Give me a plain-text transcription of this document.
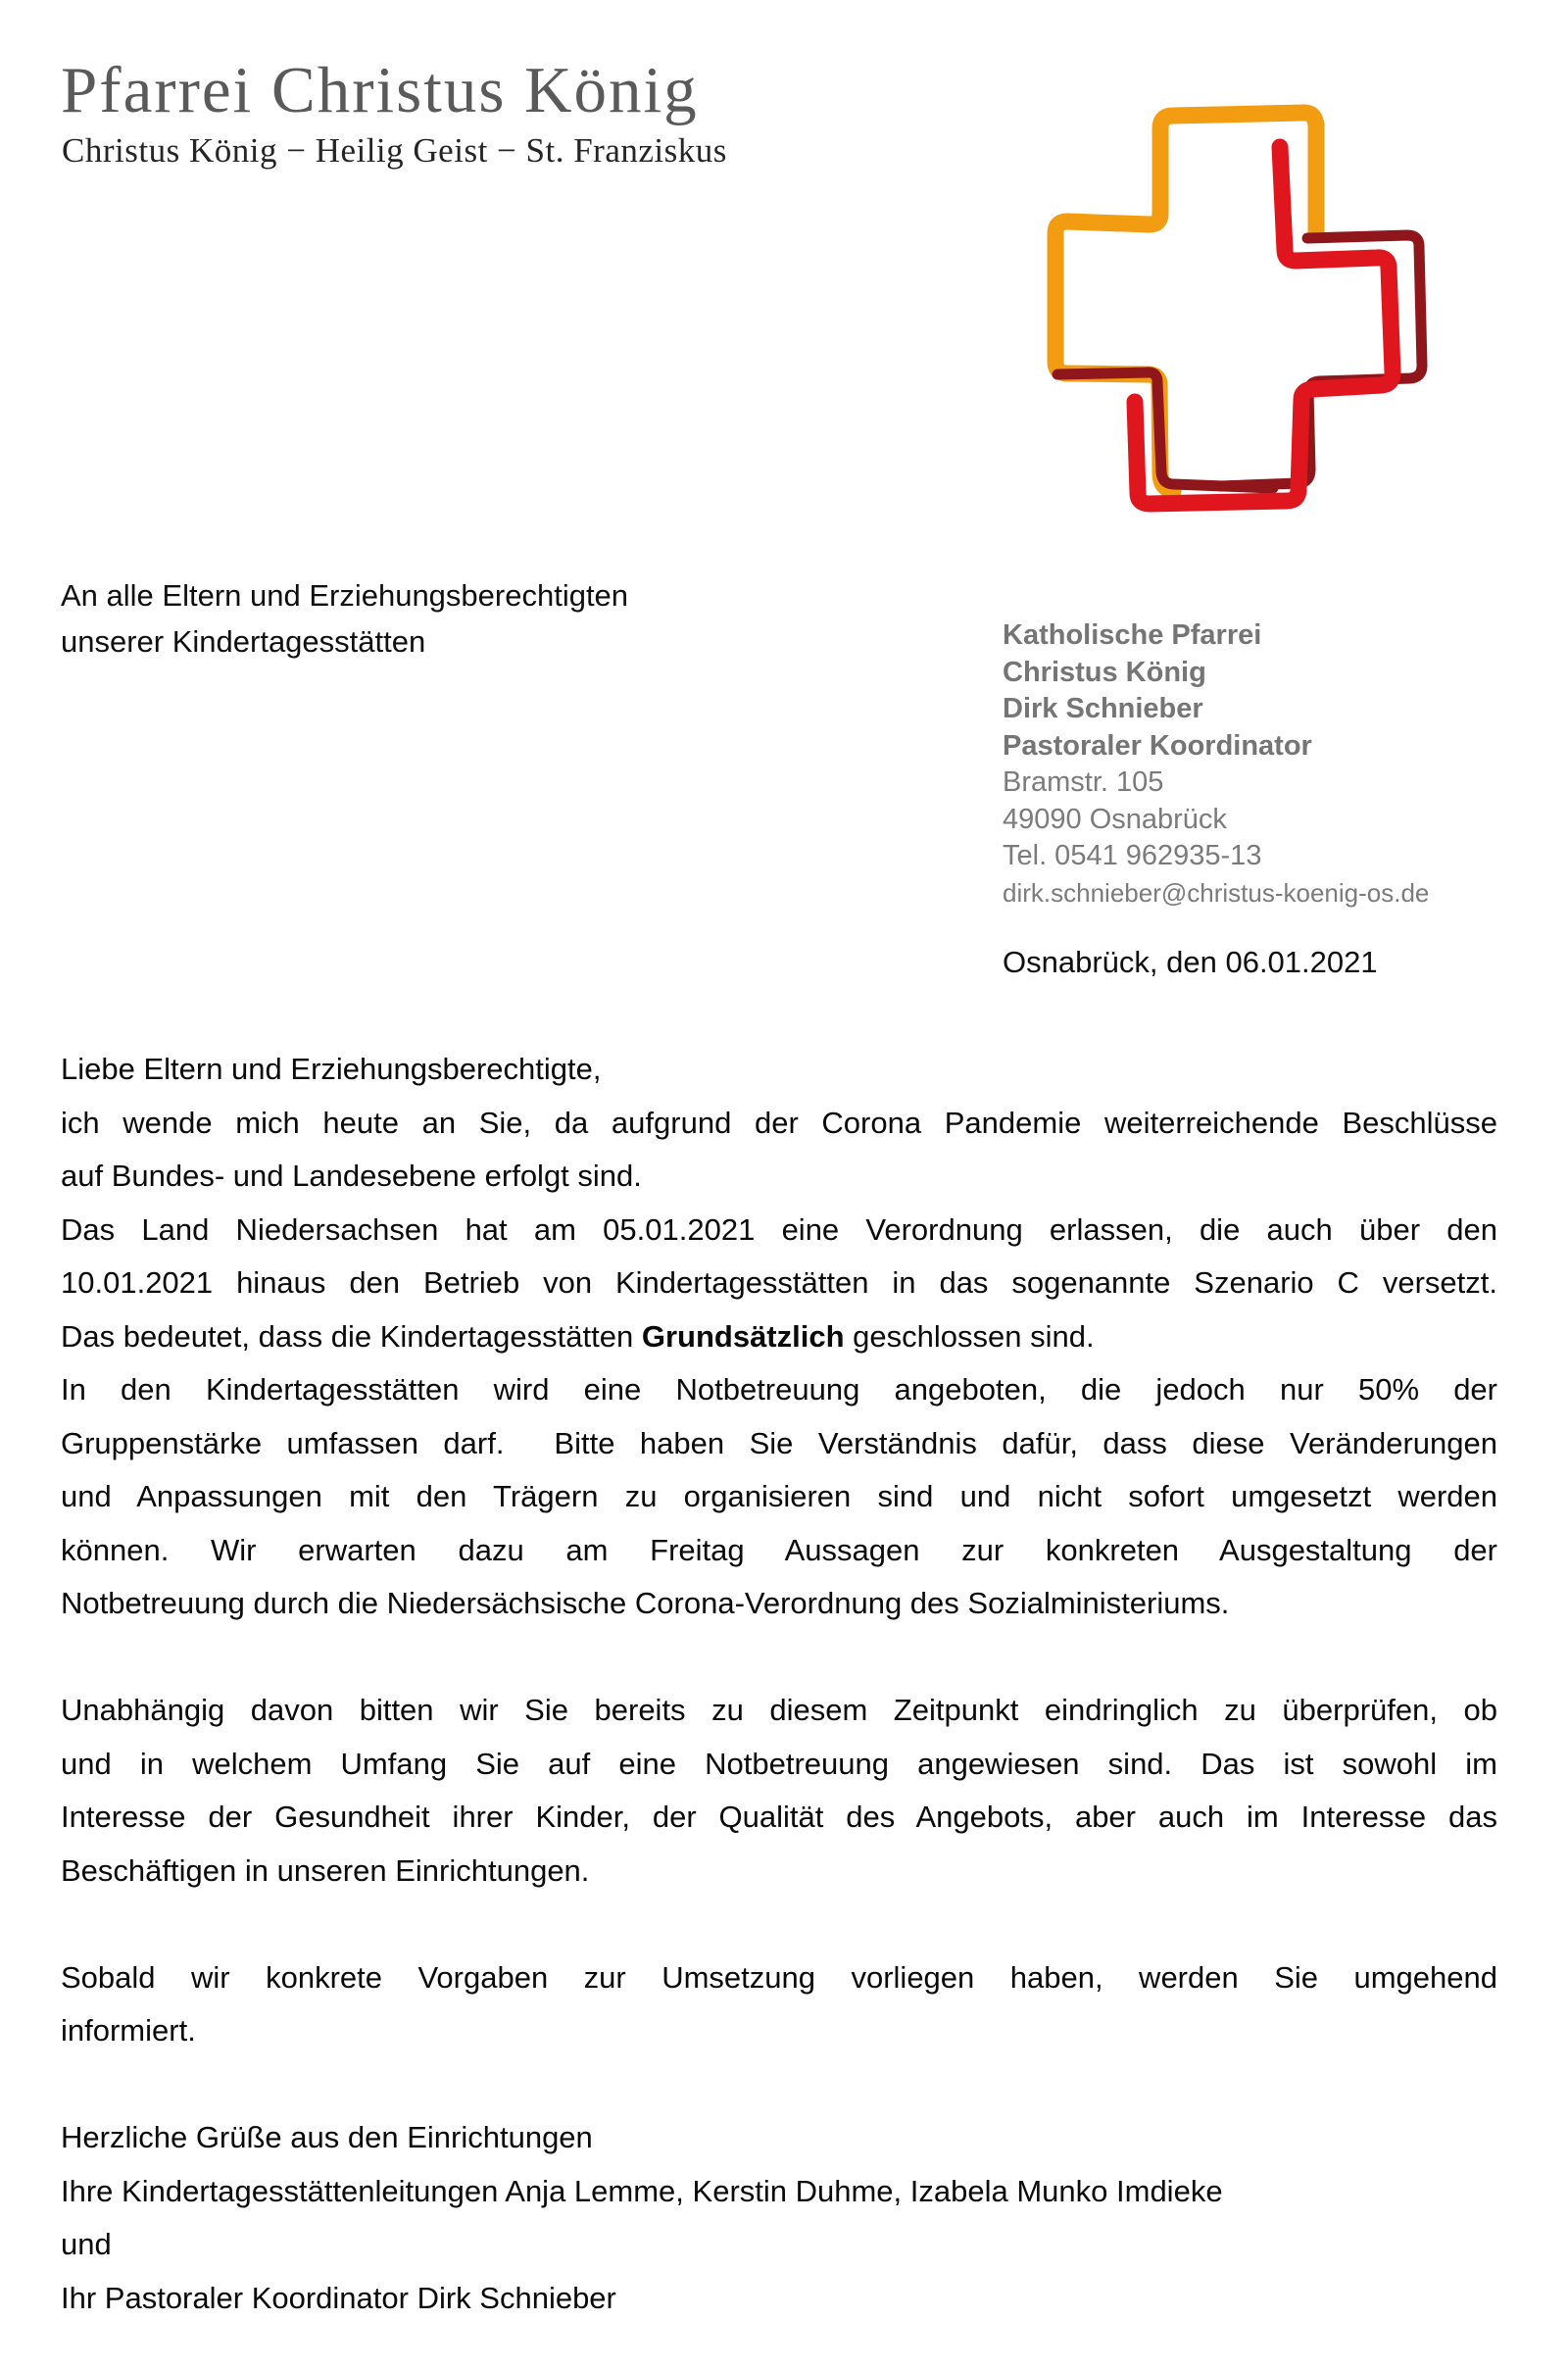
Pfarrei Christus König
Christus König − Heilig Geist − St. Franziskus
An alle Eltern und Erziehungsberechtigten
unserer Kindertagesstätten	Katholische Pfarrei
Christus König
Dirk Schnieber
Pastoraler Koordinator
Bramstr. 105
49090 Osnabrück
Tel. 0541 962935-13
dirk.schnieber@christus-koenig-os.de
Osnabrück, den 06.01.2021
Liebe Eltern und Erziehungsberechtigte,
ich wende mich heute an Sie, da aufgrund der Corona Pandemie weiterreichende Beschlüsse
auf Bundes- und Landesebene erfolgt sind.
Das Land Niedersachsen hat am 05.01.2021 eine Verordnung erlassen, die auch über den
10.01.2021 hinaus den Betrieb von Kindertagesstätten in das sogenannte Szenario C versetzt.
Das bedeutet, dass die Kindertagesstätten Grundsätzlich geschlossen sind.
In den Kindertagesstätten wird eine Notbetreuung angeboten, die jedoch nur 50% der
Gruppenstärke umfassen darf.  Bitte haben Sie Verständnis dafür, dass diese Veränderungen
und Anpassungen mit den Trägern zu organisieren sind und nicht sofort umgesetzt werden
können. Wir erwarten dazu am Freitag Aussagen zur konkreten Ausgestaltung der
Notbetreuung durch die Niedersächsische Corona-Verordnung des Sozialministeriums.
Unabhängig davon bitten wir Sie bereits zu diesem Zeitpunkt eindringlich zu überprüfen, ob
und in welchem Umfang Sie auf eine Notbetreuung angewiesen sind. Das ist sowohl im
Interesse der Gesundheit ihrer Kinder, der Qualität des Angebots, aber auch im Interesse das
Beschäftigen in unseren Einrichtungen.
Sobald wir konkrete Vorgaben zur Umsetzung vorliegen haben, werden Sie umgehend
informiert.
Herzliche Grüße aus den Einrichtungen
Ihre Kindertagesstättenleitungen Anja Lemme, Kerstin Duhme, Izabela Munko Imdieke
und
Ihr Pastoraler Koordinator Dirk Schnieber
